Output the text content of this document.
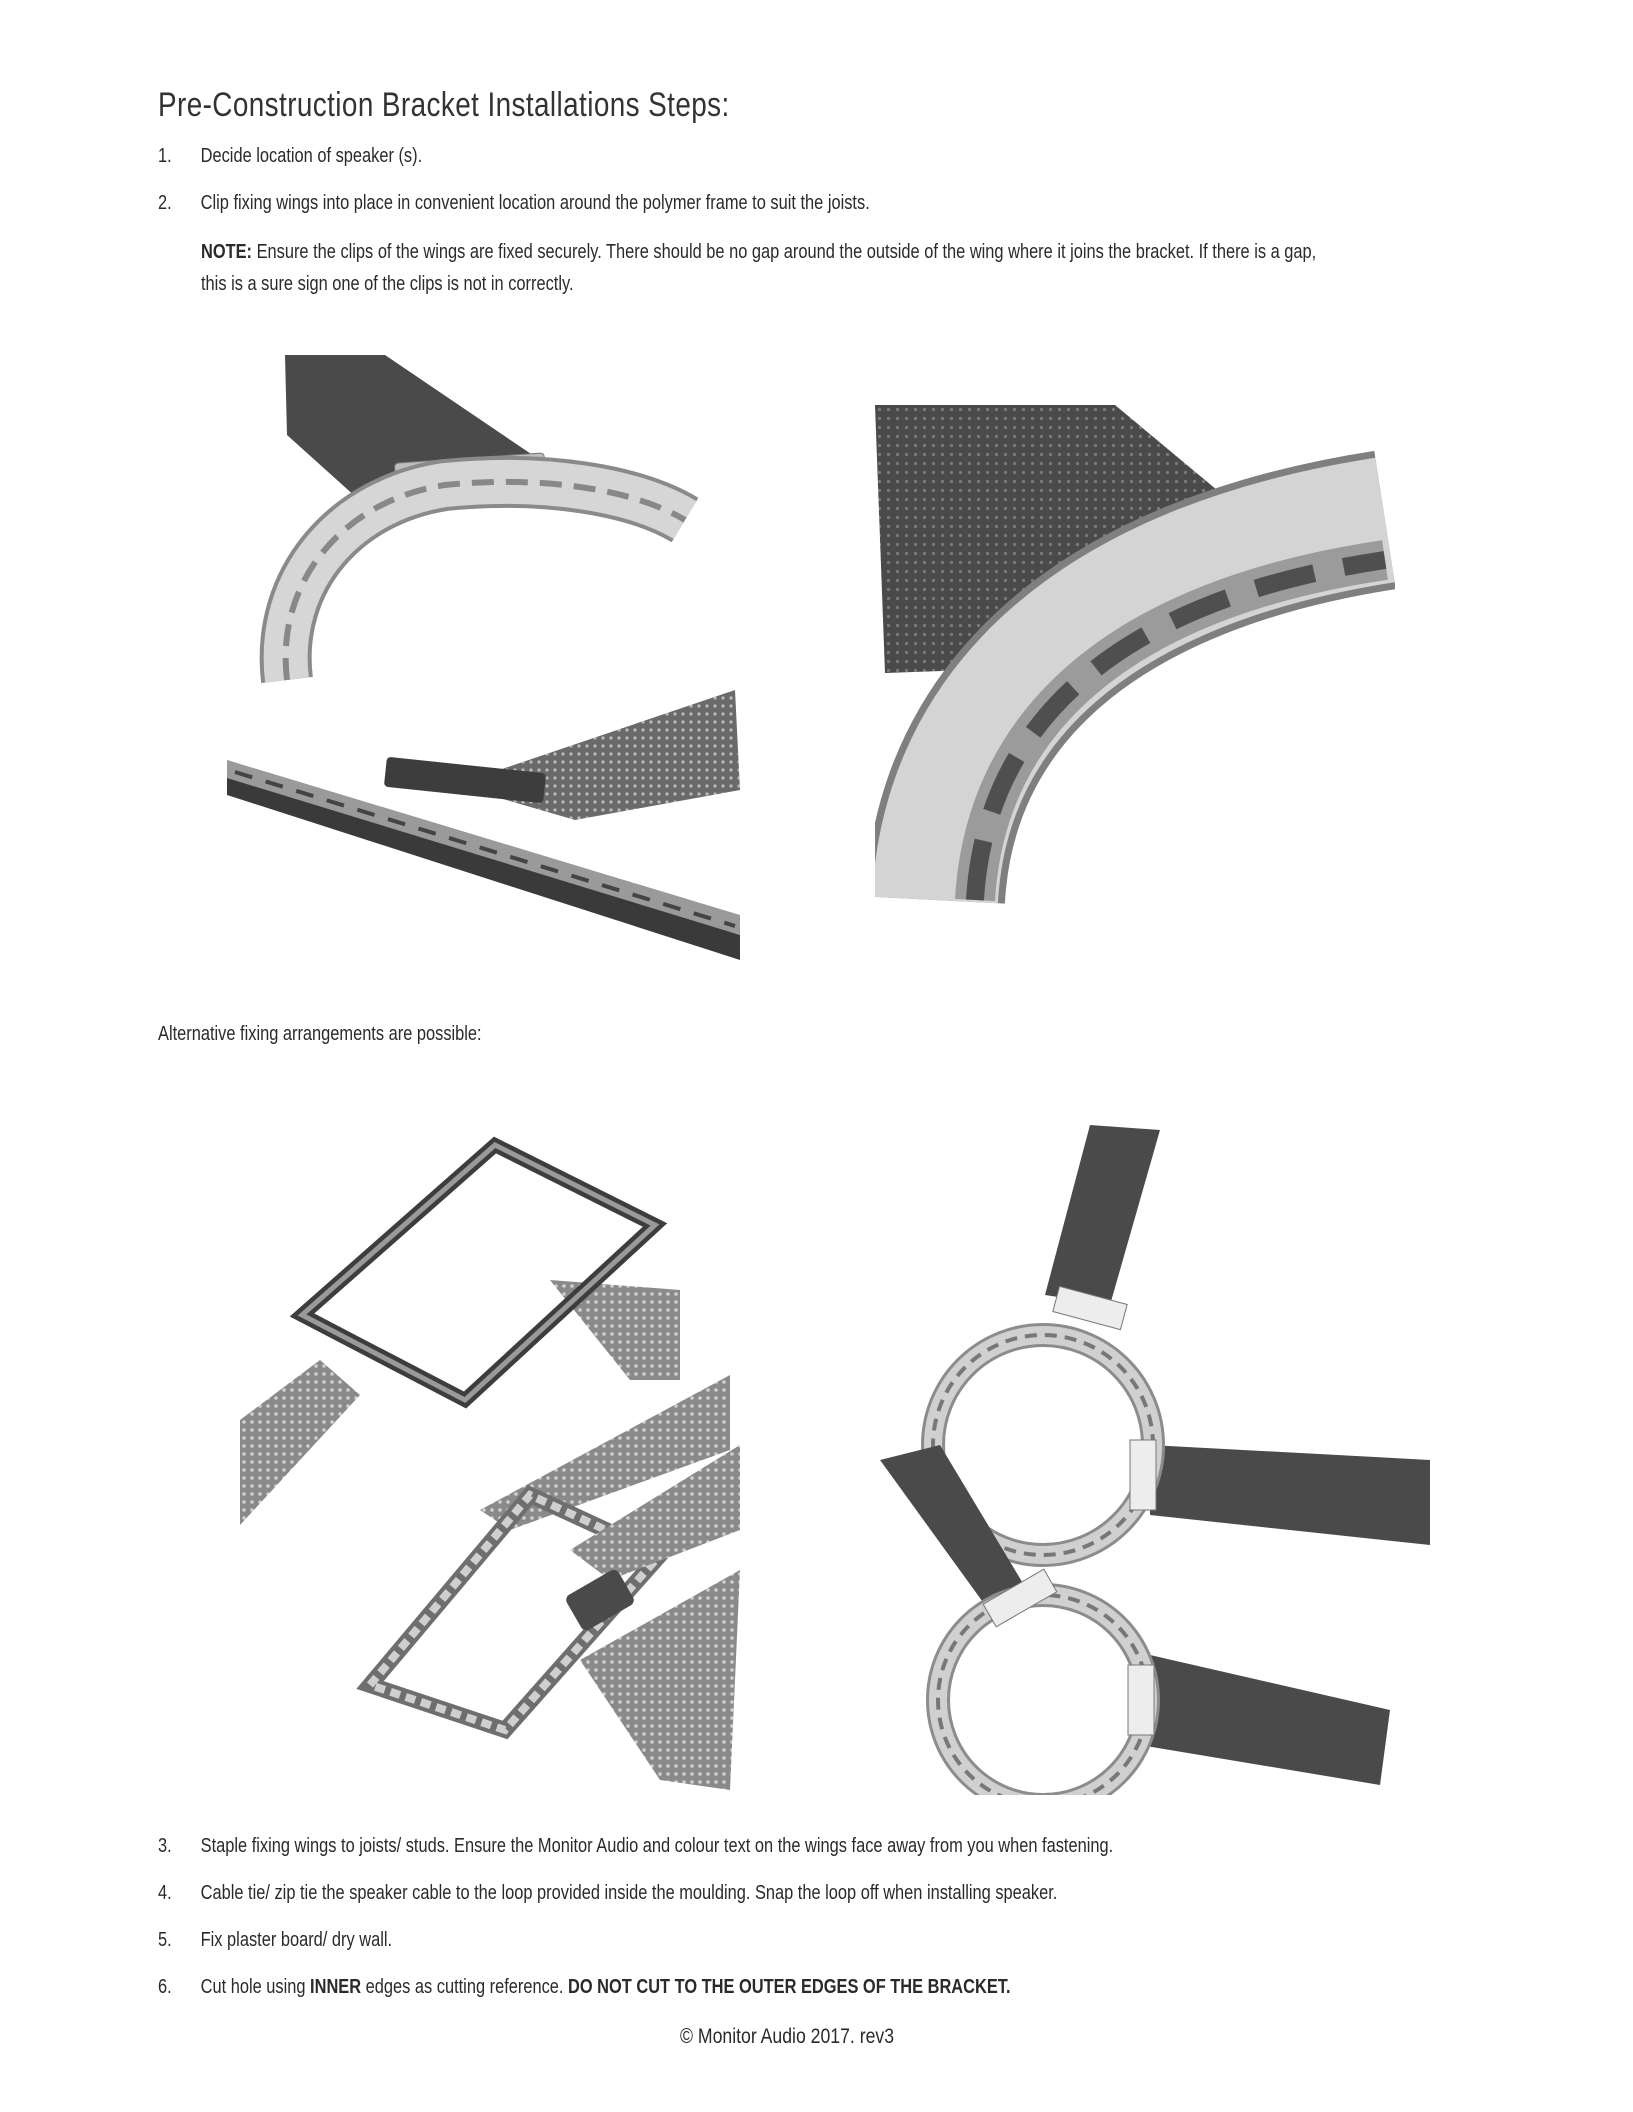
Pre-Construction Bracket Installations Steps:
1. Decide location of speaker (s).
2. Clip fixing wings into place in convenient location around the polymer frame to suit the joists.
NOTE: Ensure the clips of the wings are fixed securely. There should be no gap around the outside of the wing where it joins the bracket. If there is a gap, this is a sure sign one of the clips is not in correctly.
Alternative fixing arrangements are possible:
3. Staple fixing wings to joists/ studs. Ensure the Monitor Audio and colour text on the wings face away from you when fastening.
4. Cable tie/ zip tie the speaker cable to the loop provided inside the moulding. Snap the loop off when installing speaker.
5. Fix plaster board/ dry wall.
6. Cut hole using INNER edges as cutting reference. DO NOT CUT TO THE OUTER EDGES OF THE BRACKET.
© Monitor Audio 2017. rev3
